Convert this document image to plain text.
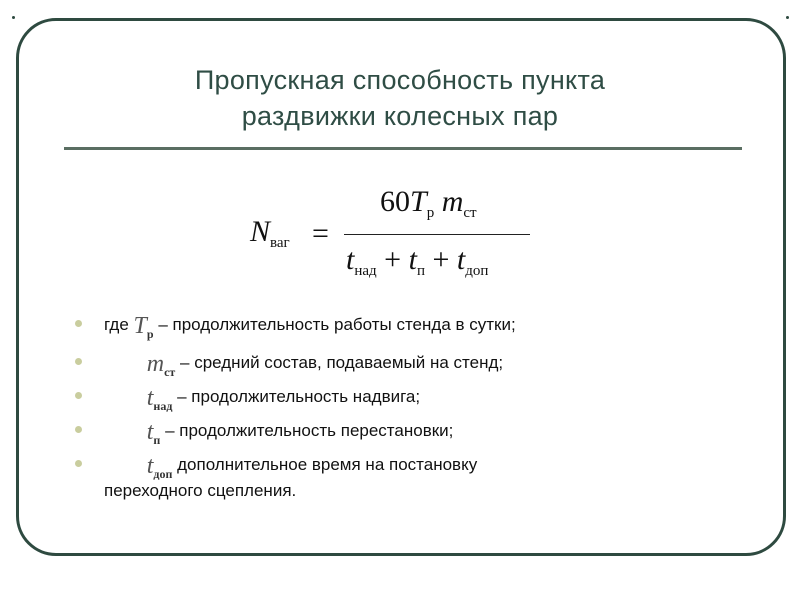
Пропускная способность пункта
раздвижки колесных пар
$N_{ваг}$ =
$60T_р$ $m_{ст}$
$t_{над} + t_п + t_{доп}$
где $T_р$ – продолжительность работы стенда в сутки;
$m_{ст}$ – средний состав, подаваемый на стенд;
$t_{над}$ – продолжительность надвига;
$t_п$ – продолжительность перестановки;
$t_{доп}$ дополнительное время на постановку
переходного сцепления.
